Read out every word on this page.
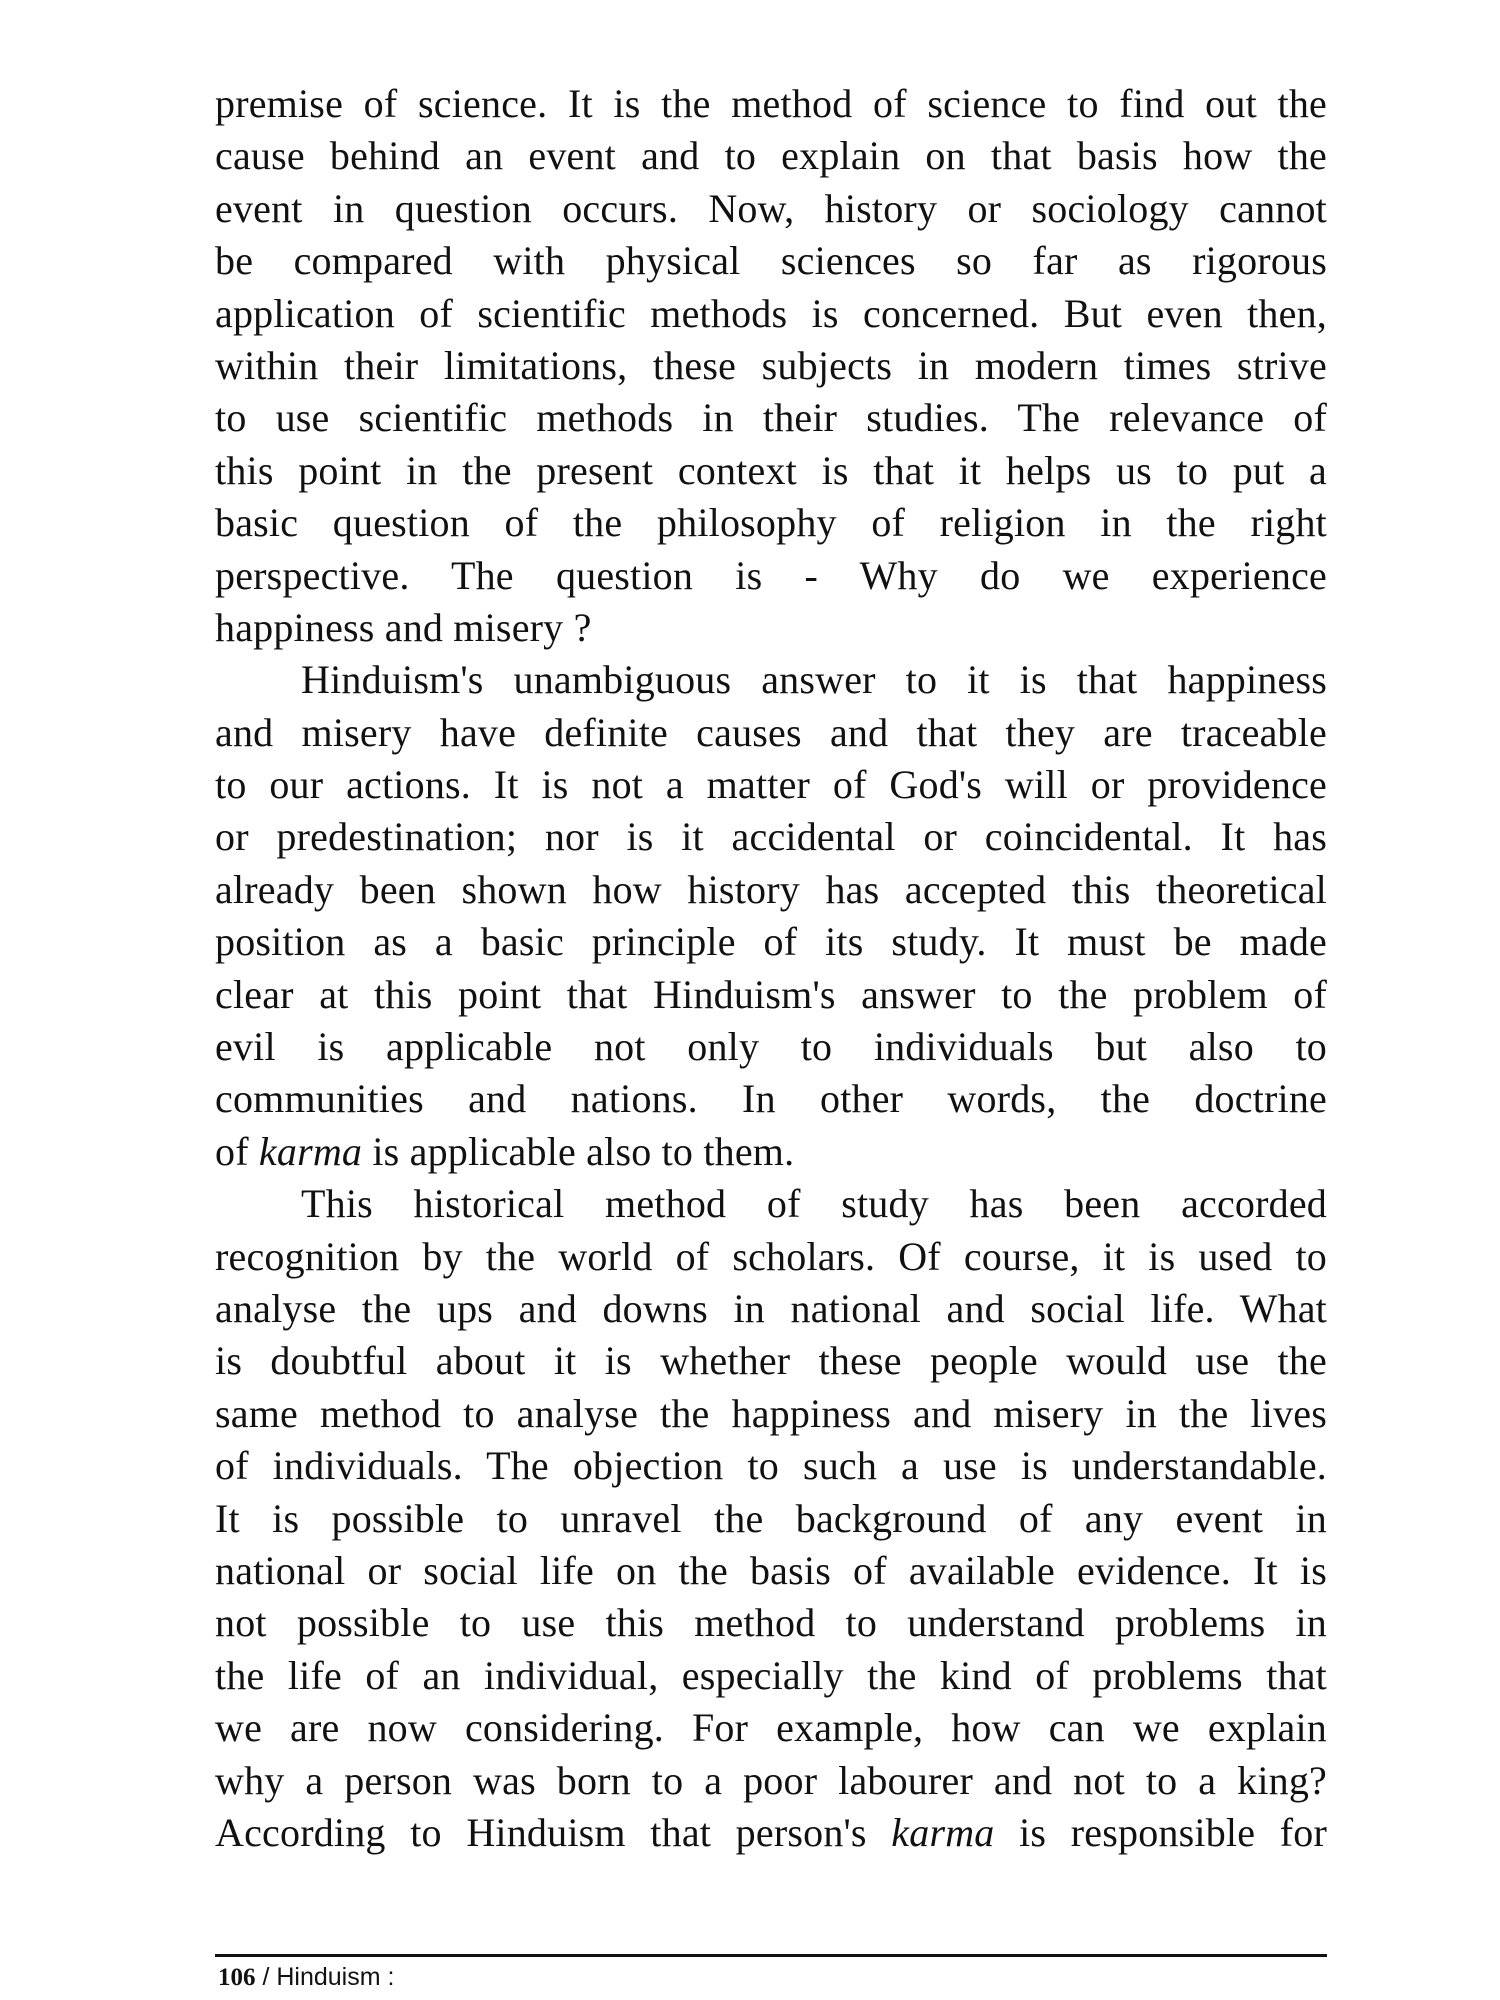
premise of science. It is the method of science to find out the
cause behind an event and to explain on that basis how the
event in question occurs. Now, history or sociology cannot
be compared with physical sciences so far as rigorous
application of scientific methods is concerned. But even then,
within their limitations, these subjects in modern times strive
to use scientific methods in their studies. The relevance of
this point in the present context is that it helps us to put a
basic question of the philosophy of religion in the right
perspective. The question is - Why do we experience
happiness and misery ?
Hinduism's unambiguous answer to it is that happiness
and misery have definite causes and that they are traceable
to our actions. It is not a matter of God's will or providence
or predestination; nor is it accidental or coincidental. It has
already been shown how history has accepted this theoretical
position as a basic principle of its study. It must be made
clear at this point that Hinduism's answer to the problem of
evil is applicable not only to individuals but also to
communities and nations. In other words, the doctrine
of karma is applicable also to them.
This historical method of study has been accorded
recognition by the world of scholars. Of course, it is used to
analyse the ups and downs in national and social life. What
is doubtful about it is whether these people would use the
same method to analyse the happiness and misery in the lives
of individuals. The objection to such a use is understandable.
It is possible to unravel the background of any event in
national or social life on the basis of available evidence. It is
not possible to use this method to understand problems in
the life of an individual, especially the kind of problems that
we are now considering. For example, how can we explain
why a person was born to a poor labourer and not to a king?
According to Hinduism that person's karma is responsible for
106 / Hinduism :
